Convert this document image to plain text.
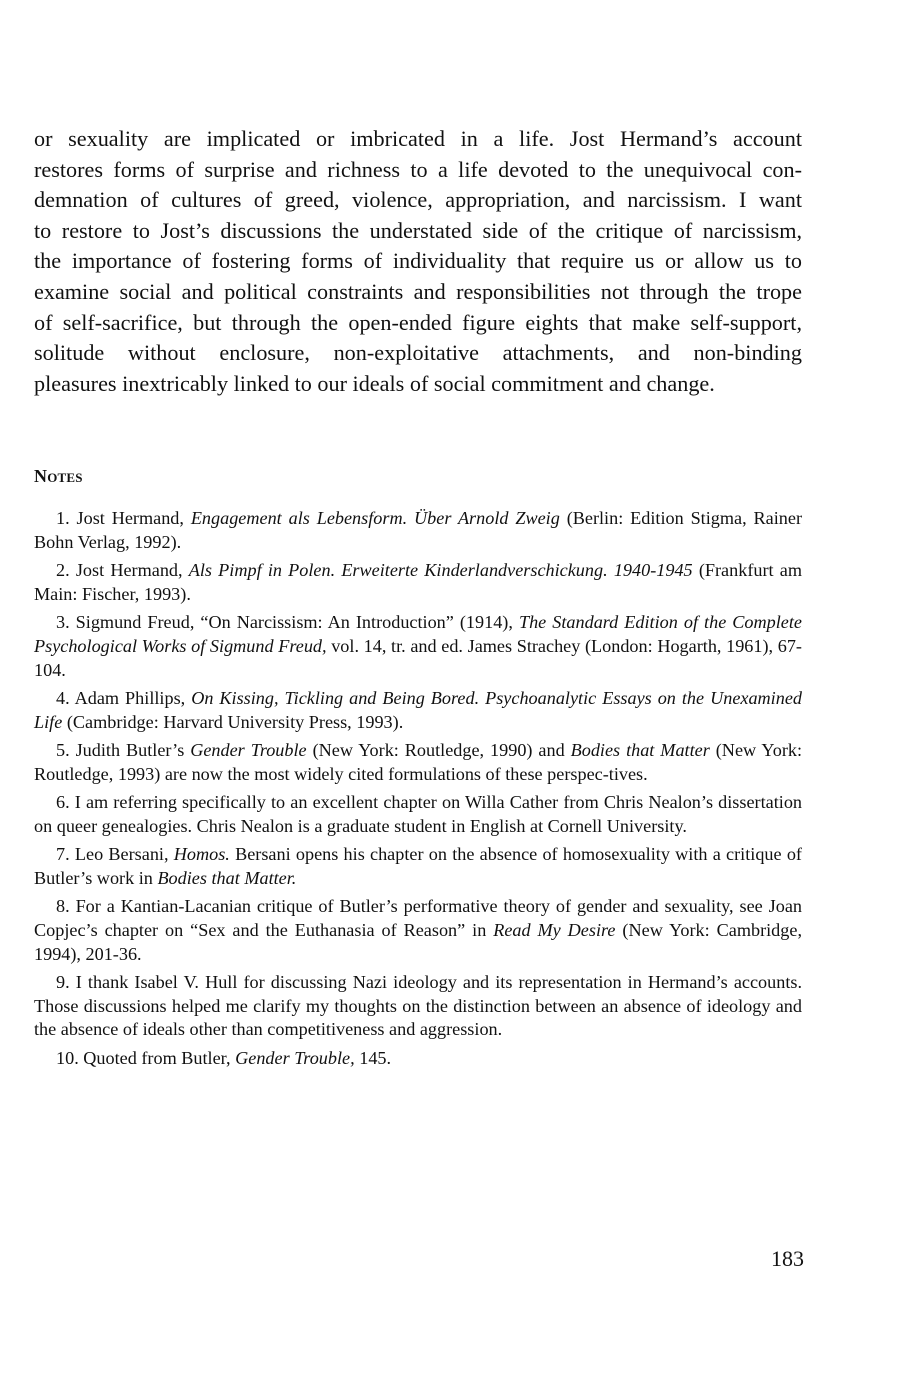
or sexuality are implicated or imbricated in a life. Jost Hermand’s account
restores forms of surprise and richness to a life devoted to the unequivocal con-
demnation of cultures of greed, violence, appropriation, and narcissism. I want
to restore to Jost’s discussions the understated side of the critique of narcissism,
the importance of fostering forms of individuality that require us or allow us to
examine social and political constraints and responsibilities not through the trope
of self-sacrifice, but through the open-ended figure eights that make self-support,
solitude without enclosure, non-exploitative attachments, and non-binding
pleasures inextricably linked to our ideals of social commitment and change.

Notes
1. Jost Hermand, Engagement als Lebensform. Über Arnold Zweig (Berlin: Edition Stigma, Rainer Bohn Verlag, 1992).
2. Jost Hermand, Als Pimpf in Polen. Erweiterte Kinderlandverschickung. 1940-1945 (Frankfurt am Main: Fischer, 1993).
3. Sigmund Freud, “On Narcissism: An Introduction” (1914), The Standard Edition of the Complete Psychological Works of Sigmund Freud, vol. 14, tr. and ed. James Strachey (London: Hogarth, 1961), 67-104.
4. Adam Phillips, On Kissing, Tickling and Being Bored. Psychoanalytic Essays on the Unexamined Life (Cambridge: Harvard University Press, 1993).
5. Judith Butler’s Gender Trouble (New York: Routledge, 1990) and Bodies that Matter (New York: Routledge, 1993) are now the most widely cited formulations of these perspec-tives.
6. I am referring specifically to an excellent chapter on Willa Cather from Chris Nealon’s dissertation on queer genealogies. Chris Nealon is a graduate student in English at Cornell University.
7. Leo Bersani, Homos. Bersani opens his chapter on the absence of homosexuality with a critique of Butler’s work in Bodies that Matter.
8. For a Kantian-Lacanian critique of Butler’s performative theory of gender and sexuality, see Joan Copjec’s chapter on “Sex and the Euthanasia of Reason” in Read My Desire (New York: Cambridge, 1994), 201-36.
9. I thank Isabel V. Hull for discussing Nazi ideology and its representation in Hermand’s accounts. Those discussions helped me clarify my thoughts on the distinction between an absence of ideology and the absence of ideals other than competitiveness and aggression.
10. Quoted from Butler, Gender Trouble, 145.
183
